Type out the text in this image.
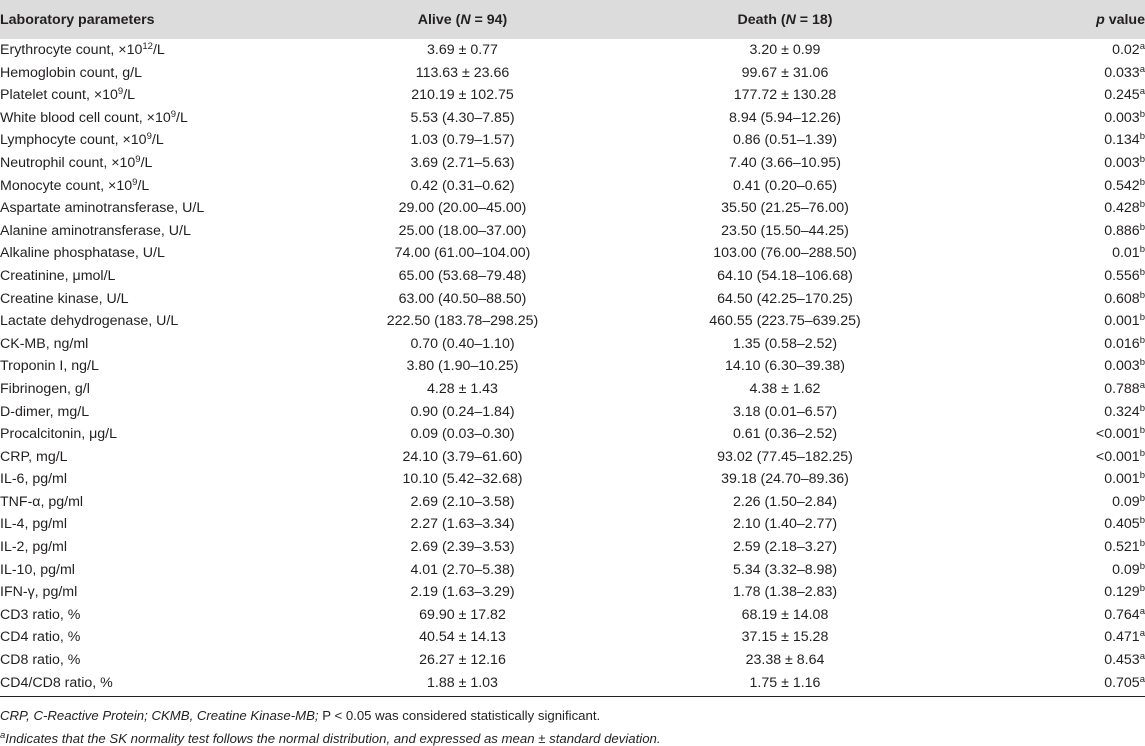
Laboratory parameters	Alive (N = 94)	Death (N = 18)	p value
Erythrocyte count, $\times 10^{12}/L$	3.69 ± 0.77	3.20 ± 0.99	0.02$^a$
Hemoglobin count, g/L	113.63 ± 23.66	99.67 ± 31.06	0.033$^a$
Platelet count, $\times 10^9/L$	210.19 ± 102.75	177.72 ± 130.28	0.245$^a$
White blood cell count, $\times 10^9/L$	5.53 (4.30–7.85)	8.94 (5.94–12.26)	0.003$^b$
Lymphocyte count, $\times 10^9/L$	1.03 (0.79–1.57)	0.86 (0.51–1.39)	0.134$^b$
Neutrophil count, $\times 10^9/L$	3.69 (2.71–5.63)	7.40 (3.66–10.95)	0.003$^b$
Monocyte count, $\times 10^9/L$	0.42 (0.31–0.62)	0.41 (0.20–0.65)	0.542$^b$
Aspartate aminotransferase, U/L	29.00 (20.00–45.00)	35.50 (21.25–76.00)	0.428$^b$
Alanine aminotransferase, U/L	25.00 (18.00–37.00)	23.50 (15.50–44.25)	0.886$^b$
Alkaline phosphatase, U/L	74.00 (61.00–104.00)	103.00 (76.00–288.50)	0.01$^b$
Creatinine, μmol/L	65.00 (53.68–79.48)	64.10 (54.18–106.68)	0.556$^b$
Creatine kinase, U/L	63.00 (40.50–88.50)	64.50 (42.25–170.25)	0.608$^b$
Lactate dehydrogenase, U/L	222.50 (183.78–298.25)	460.55 (223.75–639.25)	0.001$^b$
CK-MB, ng/ml	0.70 (0.40–1.10)	1.35 (0.58–2.52)	0.016$^b$
Troponin I, ng/L	3.80 (1.90–10.25)	14.10 (6.30–39.38)	0.003$^b$
Fibrinogen, g/l	4.28 ± 1.43	4.38 ± 1.62	0.788$^a$
D-dimer, mg/L	0.90 (0.24–1.84)	3.18 (0.01–6.57)	0.324$^b$
Procalcitonin, μg/L	0.09 (0.03–0.30)	0.61 (0.36–2.52)	<0.001$^b$
CRP, mg/L	24.10 (3.79–61.60)	93.02 (77.45–182.25)	<0.001$^b$
IL-6, pg/ml	10.10 (5.42–32.68)	39.18 (24.70–89.36)	0.001$^b$
TNF-α, pg/ml	2.69 (2.10–3.58)	2.26 (1.50–2.84)	0.09$^b$
IL-4, pg/ml	2.27 (1.63–3.34)	2.10 (1.40–2.77)	0.405$^b$
IL-2, pg/ml	2.69 (2.39–3.53)	2.59 (2.18–3.27)	0.521$^b$
IL-10, pg/ml	4.01 (2.70–5.38)	5.34 (3.32–8.98)	0.09$^b$
IFN-γ, pg/ml	2.19 (1.63–3.29)	1.78 (1.38–2.83)	0.129$^b$
CD3 ratio, %	69.90 ± 17.82	68.19 ± 14.08	0.764$^a$
CD4 ratio, %	40.54 ± 14.13	37.15 ± 15.28	0.471$^a$
CD8 ratio, %	26.27 ± 12.16	23.38 ± 8.64	0.453$^a$
CD4/CD8 ratio, %	1.88 ± 1.03	1.75 ± 1.16	0.705$^a$
CRP, C-Reactive Protein; CKMB, Creatine Kinase-MB; P < 0.05 was considered statistically significant.
$^a$Indicates that the SK normality test follows the normal distribution, and expressed as mean ± standard deviation.
